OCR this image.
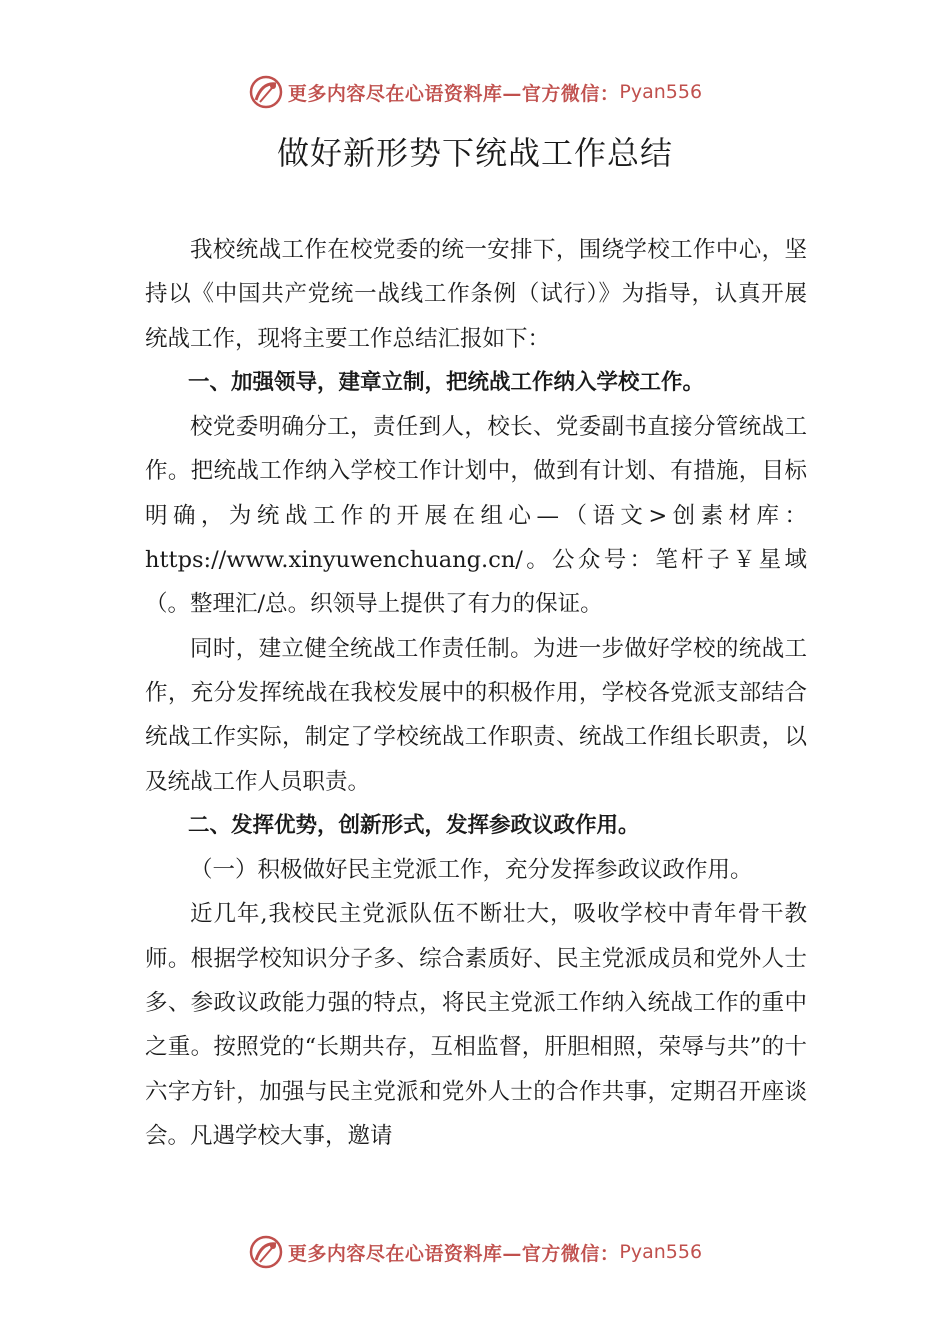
更多内容尽在心语资料库—官方微信： Pyan556
做好新形势下统战工作总结

我校统战工作在校党委的统一安排下，围绕学校工作中心，坚持以《中国共产党统一战线工作条例（试行）》为指导，认真开展统战工作，现将主要工作总结汇报如下：

一、加强领导，建章立制，把统战工作纳入学校工作。

校党委明确分工，责任到人，校长、党委副书直接分管统战工作。把统战工作纳入学校工作计划中，做到有计划、有措施，目标明确，为统战工作的开展在组心—（语文>创素材库：https://www.xinyuwenchuang.cn/。公众号：笔杆子￥星域（。整理汇/总。织领导上提供了有力的保证。

同时，建立健全统战工作责任制。为进一步做好学校的统战工作，充分发挥统战在我校发展中的积极作用，学校各党派支部结合统战工作实际，制定了学校统战工作职责、统战工作组长职责，以及统战工作人员职责。

二、发挥优势，创新形式，发挥参政议政作用。

（一）积极做好民主党派工作，充分发挥参政议政作用。

近几年,我校民主党派队伍不断壮大，吸收学校中青年骨干教师。根据学校知识分子多、综合素质好、民主党派成员和党外人士多、参政议政能力强的特点，将民主党派工作纳入统战工作的重中之重。按照党的“长期共存，互相监督，肝胆相照，荣辱与共”的十六字方针，加强与民主党派和党外人士的合作共事，定期召开座谈会。凡遇学校大事，邀请

更多内容尽在心语资料库—官方微信： Pyan556
